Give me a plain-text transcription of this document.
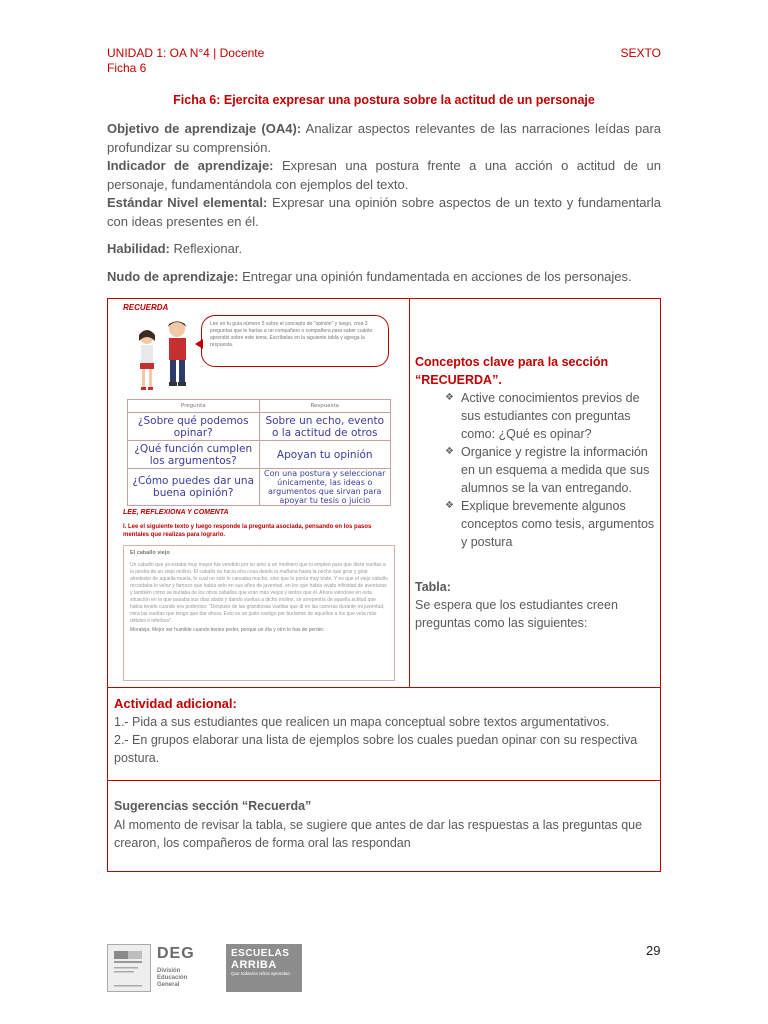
UNIDAD 1: OA N°4 | Docente
Ficha 6
SEXTO
Ficha 6: Ejercita expresar una postura sobre la actitud de un personaje

Objetivo de aprendizaje (OA4): Analizar aspectos relevantes de las narraciones leídas para profundizar su comprensión.

Indicador de aprendizaje: Expresan una postura frente a una acción o actitud de un personaje, fundamentándola con ejemplos del texto.

Estándar Nivel elemental: Expresar una opinión sobre aspectos de un texto y fundamentarla con ideas presentes en él.

Habilidad: Reflexionar.

Nudo de aprendizaje: Entregar una opinión fundamentada en acciones de los personajes.

RECUERDA
Lee en tu guía número 5 sobre el concepto de "opinión" y luego, crea 3 preguntas que le harías a un compañero o compañera para saber cuánto aprendió sobre este tema. Escríbelas en la siguiente tabla y agrega la respuesta.
Pregunta	Respuesta
¿Sobre qué podemos opinar?	Sobre un echo, evento o la actitud de otros
¿Qué función cumplen los argumentos?	Apoyan tu opinión
¿Cómo puedes dar una buena opinión?	Con una postura y seleccionar únicamente, las ideas o argumentos que sirvan para apoyar tu tesis o juicio
LEE, REFLEXIONA Y COMENTA
I. Lee el siguiente texto y luego responde la pregunta asociada, pensando en los pasos mentales que realizas para lograrlo.
El caballo viejo
Un caballo que ya estaba muy mayor fue vendido por su amo a un molinero que lo empleó para que diera vueltas a la piedra de un viejo molino. El caballo no hacía otra cosa desde la mañana hasta la noche que girar y girar alrededor de aquella muela, lo cual no solo lo cansaba mucho, sino que lo ponía muy triste. Y es que el viejo caballo recordaba lo veloz y famoso que había sido en sus años de juventud, en los que había vivido infinidad de aventuras y también cómo se burlaba de los otros caballos que eran más viejos y lentos que él. Ahora viéndose en esta situación en la que pasaba sus días atado y dando vueltas a dicho molino, se arrepentía de aquella actitud que había tenido cuando era poderoso: "Después de las grandiosas vueltas que di en las carreras durante mi juventud, mira las vueltas que tengo que dar ahora. Esto es un justo castigo por burlarme de aquellos a los que veía más débiles e infelices".
Moraleja: Mejor ser humilde cuando tienes poder, porque un día y otro lo has de perder.
Conceptos clave para la sección “RECUERDA”.
❖ Active conocimientos previos de sus estudiantes con preguntas como: ¿Qué es opinar?
❖ Organice y registre la información en un esquema a medida que sus alumnos se la van entregando.
❖ Explique brevemente algunos conceptos como tesis, argumentos y postura
Tabla:
Se espera que los estudiantes creen preguntas como las siguientes:
Actividad adicional:
1.- Pida a sus estudiantes que realicen un mapa conceptual sobre textos argumentativos.
2.- En grupos elaborar una lista de ejemplos sobre los cuales puedan opinar con su respectiva postura.
Sugerencias sección “Recuerda”
Al momento de revisar la tabla, se sugiere que antes de dar las respuestas a las preguntas que crearon, los compañeros de forma oral las respondan
29
DEG
División
Educación
General
ESCUELAS
ARRIBA
Que todas/os niños aprendan
